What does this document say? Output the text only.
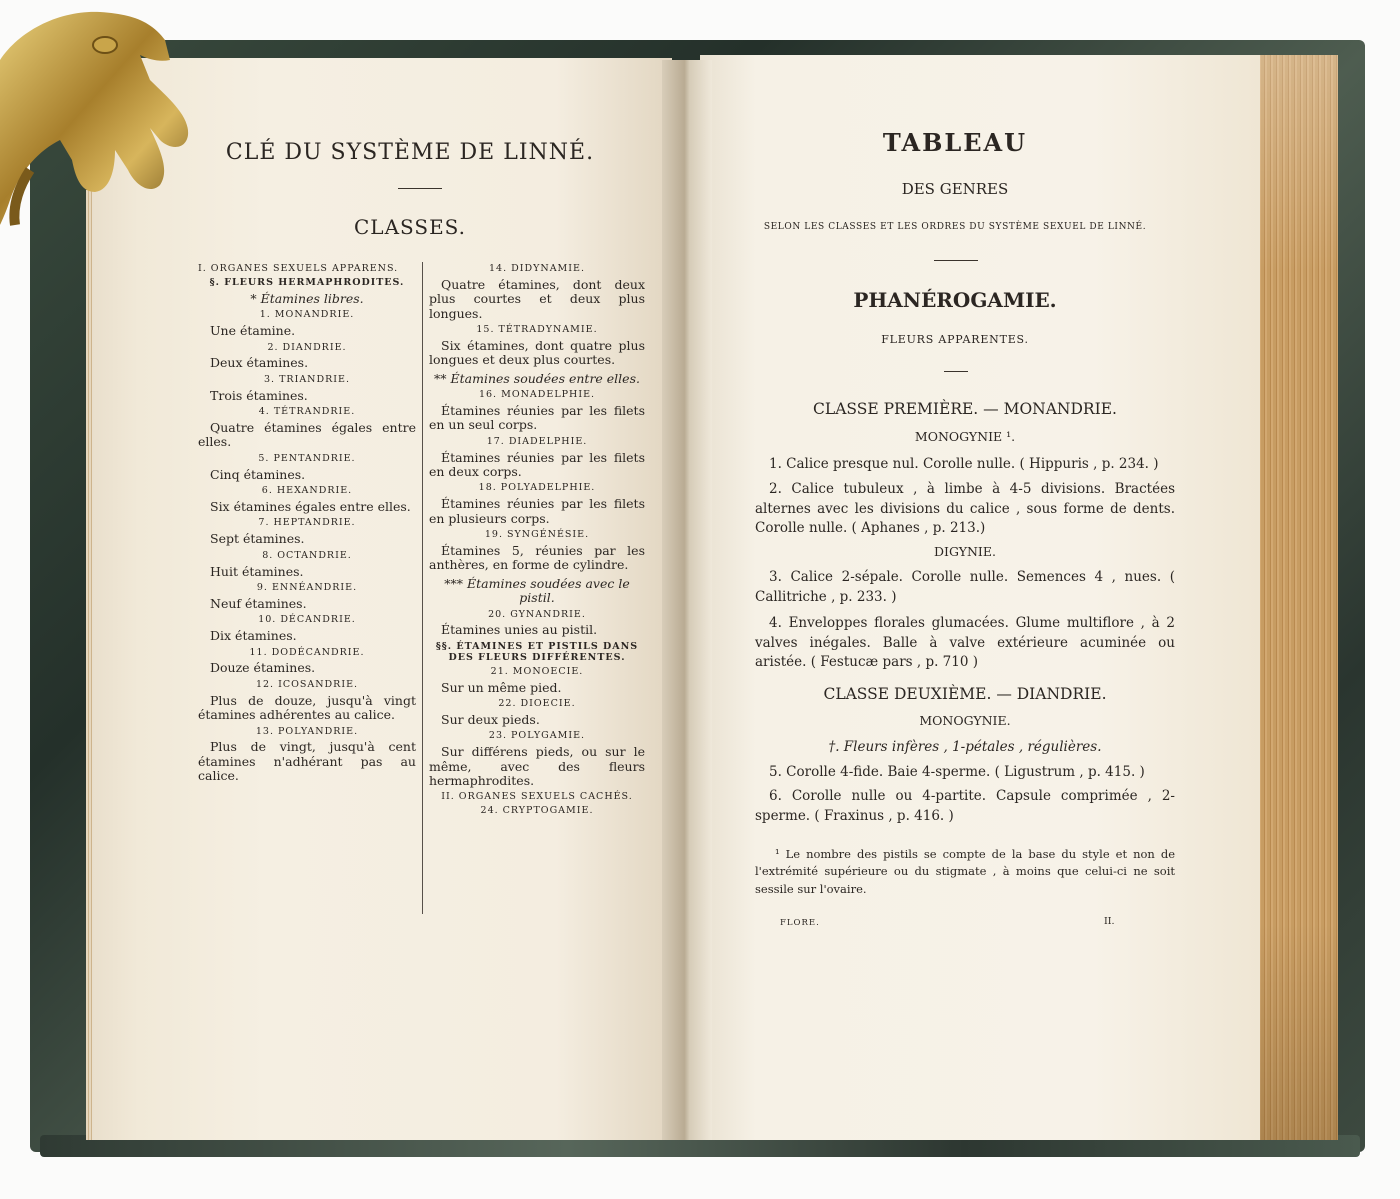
CLÉ DU SYSTÈME DE LINNÉ.
CLASSES.
I. ORGANES SEXUELS APPARENS.
§. FLEURS HERMAPHRODITES.
* Étamines libres.
1. MONANDRIE.
Une étamine.
2. DIANDRIE.
Deux étamines.
3. TRIANDRIE.
Trois étamines.
4. TÉTRANDRIE.
Quatre étamines égales entre elles.
5. PENTANDRIE.
Cinq étamines.
6. HEXANDRIE.
Six étamines égales entre elles.
7. HEPTANDRIE.
Sept étamines.
8. OCTANDRIE.
Huit étamines.
9. ENNÉANDRIE.
Neuf étamines.
10. DÉCANDRIE.
Dix étamines.
11. DODÉCANDRIE.
Douze étamines.
12. ICOSANDRIE.
Plus de douze, jusqu'à vingt étamines adhérentes au calice.
13. POLYANDRIE.
Plus de vingt, jusqu'à cent étamines n'adhérant pas au calice.
14. DIDYNAMIE.
Quatre étamines, dont deux plus courtes et deux plus longues.
15. TÉTRADYNAMIE.
Six étamines, dont quatre plus longues et deux plus courtes.
** Étamines soudées entre elles.
16. MONADELPHIE.
Étamines réunies par les filets en un seul corps.
17. DIADELPHIE.
Étamines réunies par les filets en deux corps.
18. POLYADELPHIE.
Étamines réunies par les filets en plusieurs corps.
19. SYNGÉNÉSIE.
Étamines 5, réunies par les anthères, en forme de cylindre.
*** Étamines soudées avec le pistil.
20. GYNANDRIE.
Étamines unies au pistil.
§§. ÉTAMINES ET PISTILS DANS DES FLEURS DIFFÉRENTES.
21. MONOECIE.
Sur un même pied.
22. DIOECIE.
Sur deux pieds.
23. POLYGAMIE.
Sur différens pieds, ou sur le même, avec des fleurs hermaphrodites.
II. ORGANES SEXUELS CACHÉS.
24. CRYPTOGAMIE.
TABLEAU
DES GENRES
SELON LES CLASSES ET LES ORDRES DU SYSTÈME SEXUEL DE LINNÉ.
PHANÉROGAMIE.
FLEURS APPARENTES.
CLASSE PREMIÈRE. — MONANDRIE.
MONOGYNIE ¹.
1. Calice presque nul. Corolle nulle. ( Hippuris , p. 234. )
2. Calice tubuleux , à limbe à 4-5 divisions. Bractées alternes avec les divisions du calice , sous forme de dents. Corolle nulle. ( Aphanes , p. 213.)
DIGYNIE.
3. Calice 2-sépale. Corolle nulle. Semences 4 , nues. ( Callitriche , p. 233. )
4. Enveloppes florales glumacées. Glume multiflore , à 2 valves inégales. Balle à valve extérieure acuminée ou aristée. ( Festucæ pars , p. 710 )
CLASSE DEUXIÈME. — DIANDRIE.
MONOGYNIE.
†. Fleurs infères , 1-pétales , régulières.
5. Corolle 4-fide. Baie 4-sperme. ( Ligustrum , p. 415. )
6. Corolle nulle ou 4-partite. Capsule comprimée , 2-sperme. ( Fraxinus , p. 416. )
¹ Le nombre des pistils se compte de la base du style et non de l'extrémité supérieure ou du stigmate , à moins que celui-ci ne soit sessile sur l'ovaire.
FLORE.	II.
